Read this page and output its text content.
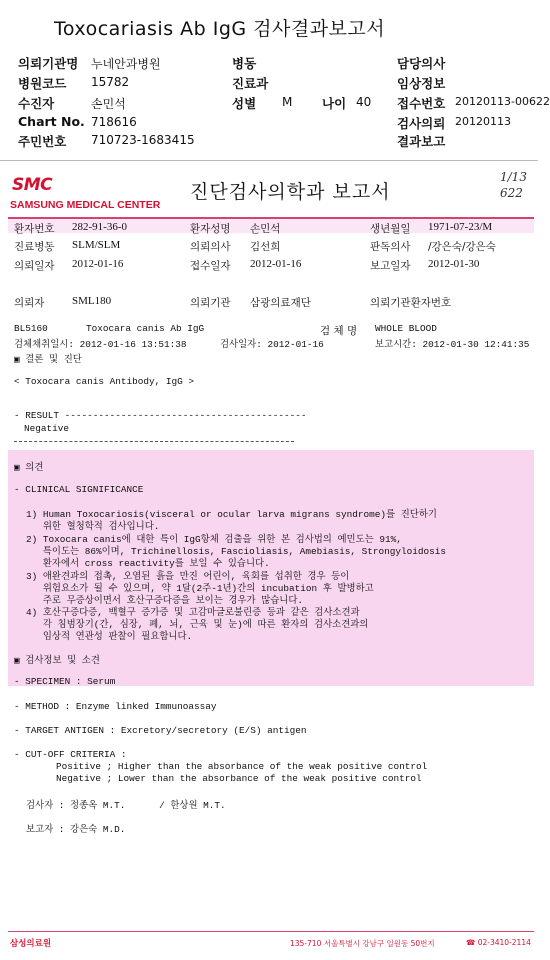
Toxocariasis Ab IgG 검사결과보고서
의뢰기관명 누네안과병원	병동	담당의사
병원코드 15782	진료과	임상정보
수진자	손민석	성별 M 나이 40 접수번호 20120113-00622
Chart No. 718616	검사의뢰 20120113
주민번호 710723-1683415	결과보고
SMC
SAMSUNG MEDICAL CENTER
진단검사의학과 보고서
1/13 622
환자번호 282-91-36-0	환자성명 손민석	생년월일 1971-07-23/M
진료병동 SLM/SLM	의뢰의사 김선희	판독의사 /강은숙/강은숙
의뢰일자 2012-01-16	접수일자 2012-01-16	보고일자 2012-01-30
의뢰자	SML180	의뢰기관 삼광의료재단	의뢰기관환자번호
BL5160	Toxocara canis Ab IgG	검 체 명 WHOLE BLOOD
검체채취일시: 2012-01-16 13:51:38	검사일자: 2012-01-16	보고시간: 2012-01-30 12:41:35
▣ 결론 및 진단
< Toxocara canis Antibody, IgG >
- RESULT -------------------------------------------
Negative
▣ 의견
- CLINICAL SIGNIFICANCE
1) Human Toxocariosis(visceral or ocular larva migrans syndrome)를 진단하기
위한 혈청학적 검사입니다.
2) Toxocara canis에 대한 특이 IgG항체 검출을 위한 본 검사법의 예민도는 91%,
특이도는 86%이며, Trichinellosis, Fascioliasis, Amebiasis, Strongyloidosis
환자에서 cross reactivity를 보일 수 있습니다.
3) 애완견과의 접촉, 오염된 흙을 만진 어린이, 육회를 섭취한 경우 등이
위험요소가 될 수 있으며, 약 1달(2주-1년)간의 incubation 후 발병하고
주로 무증상이면서 호산구증다증을 보이는 경우가 많습니다.
4) 호산구증다증, 백혈구 증가증 및 고감마글로불린증 등과 같은 검사소견과
각 침범장기(간, 심장, 폐, 뇌, 근육 및 눈)에 따른 환자의 검사소견과의
임상적 연관성 판찰이 필요합니다.
▣ 검사정보 및 소견
- SPECIMEN : Serum
- METHOD : Enzyme linked Immunoassay
- TARGET ANTIGEN : Excretory/secretory (E/S) antigen
- CUT-OFF CRITERIA :
Positive ; Higher than the absorbance of the weak positive control
Negative ; Lower than the absorbance of the weak positive control
검사자 : 정종옥 M.T.      / 한상원 M.T.
보고자 : 강은숙 M.D.
삼성의료원	135-710 서울특별시 강남구 일원동 50번지	☎ 02-3410-2114
